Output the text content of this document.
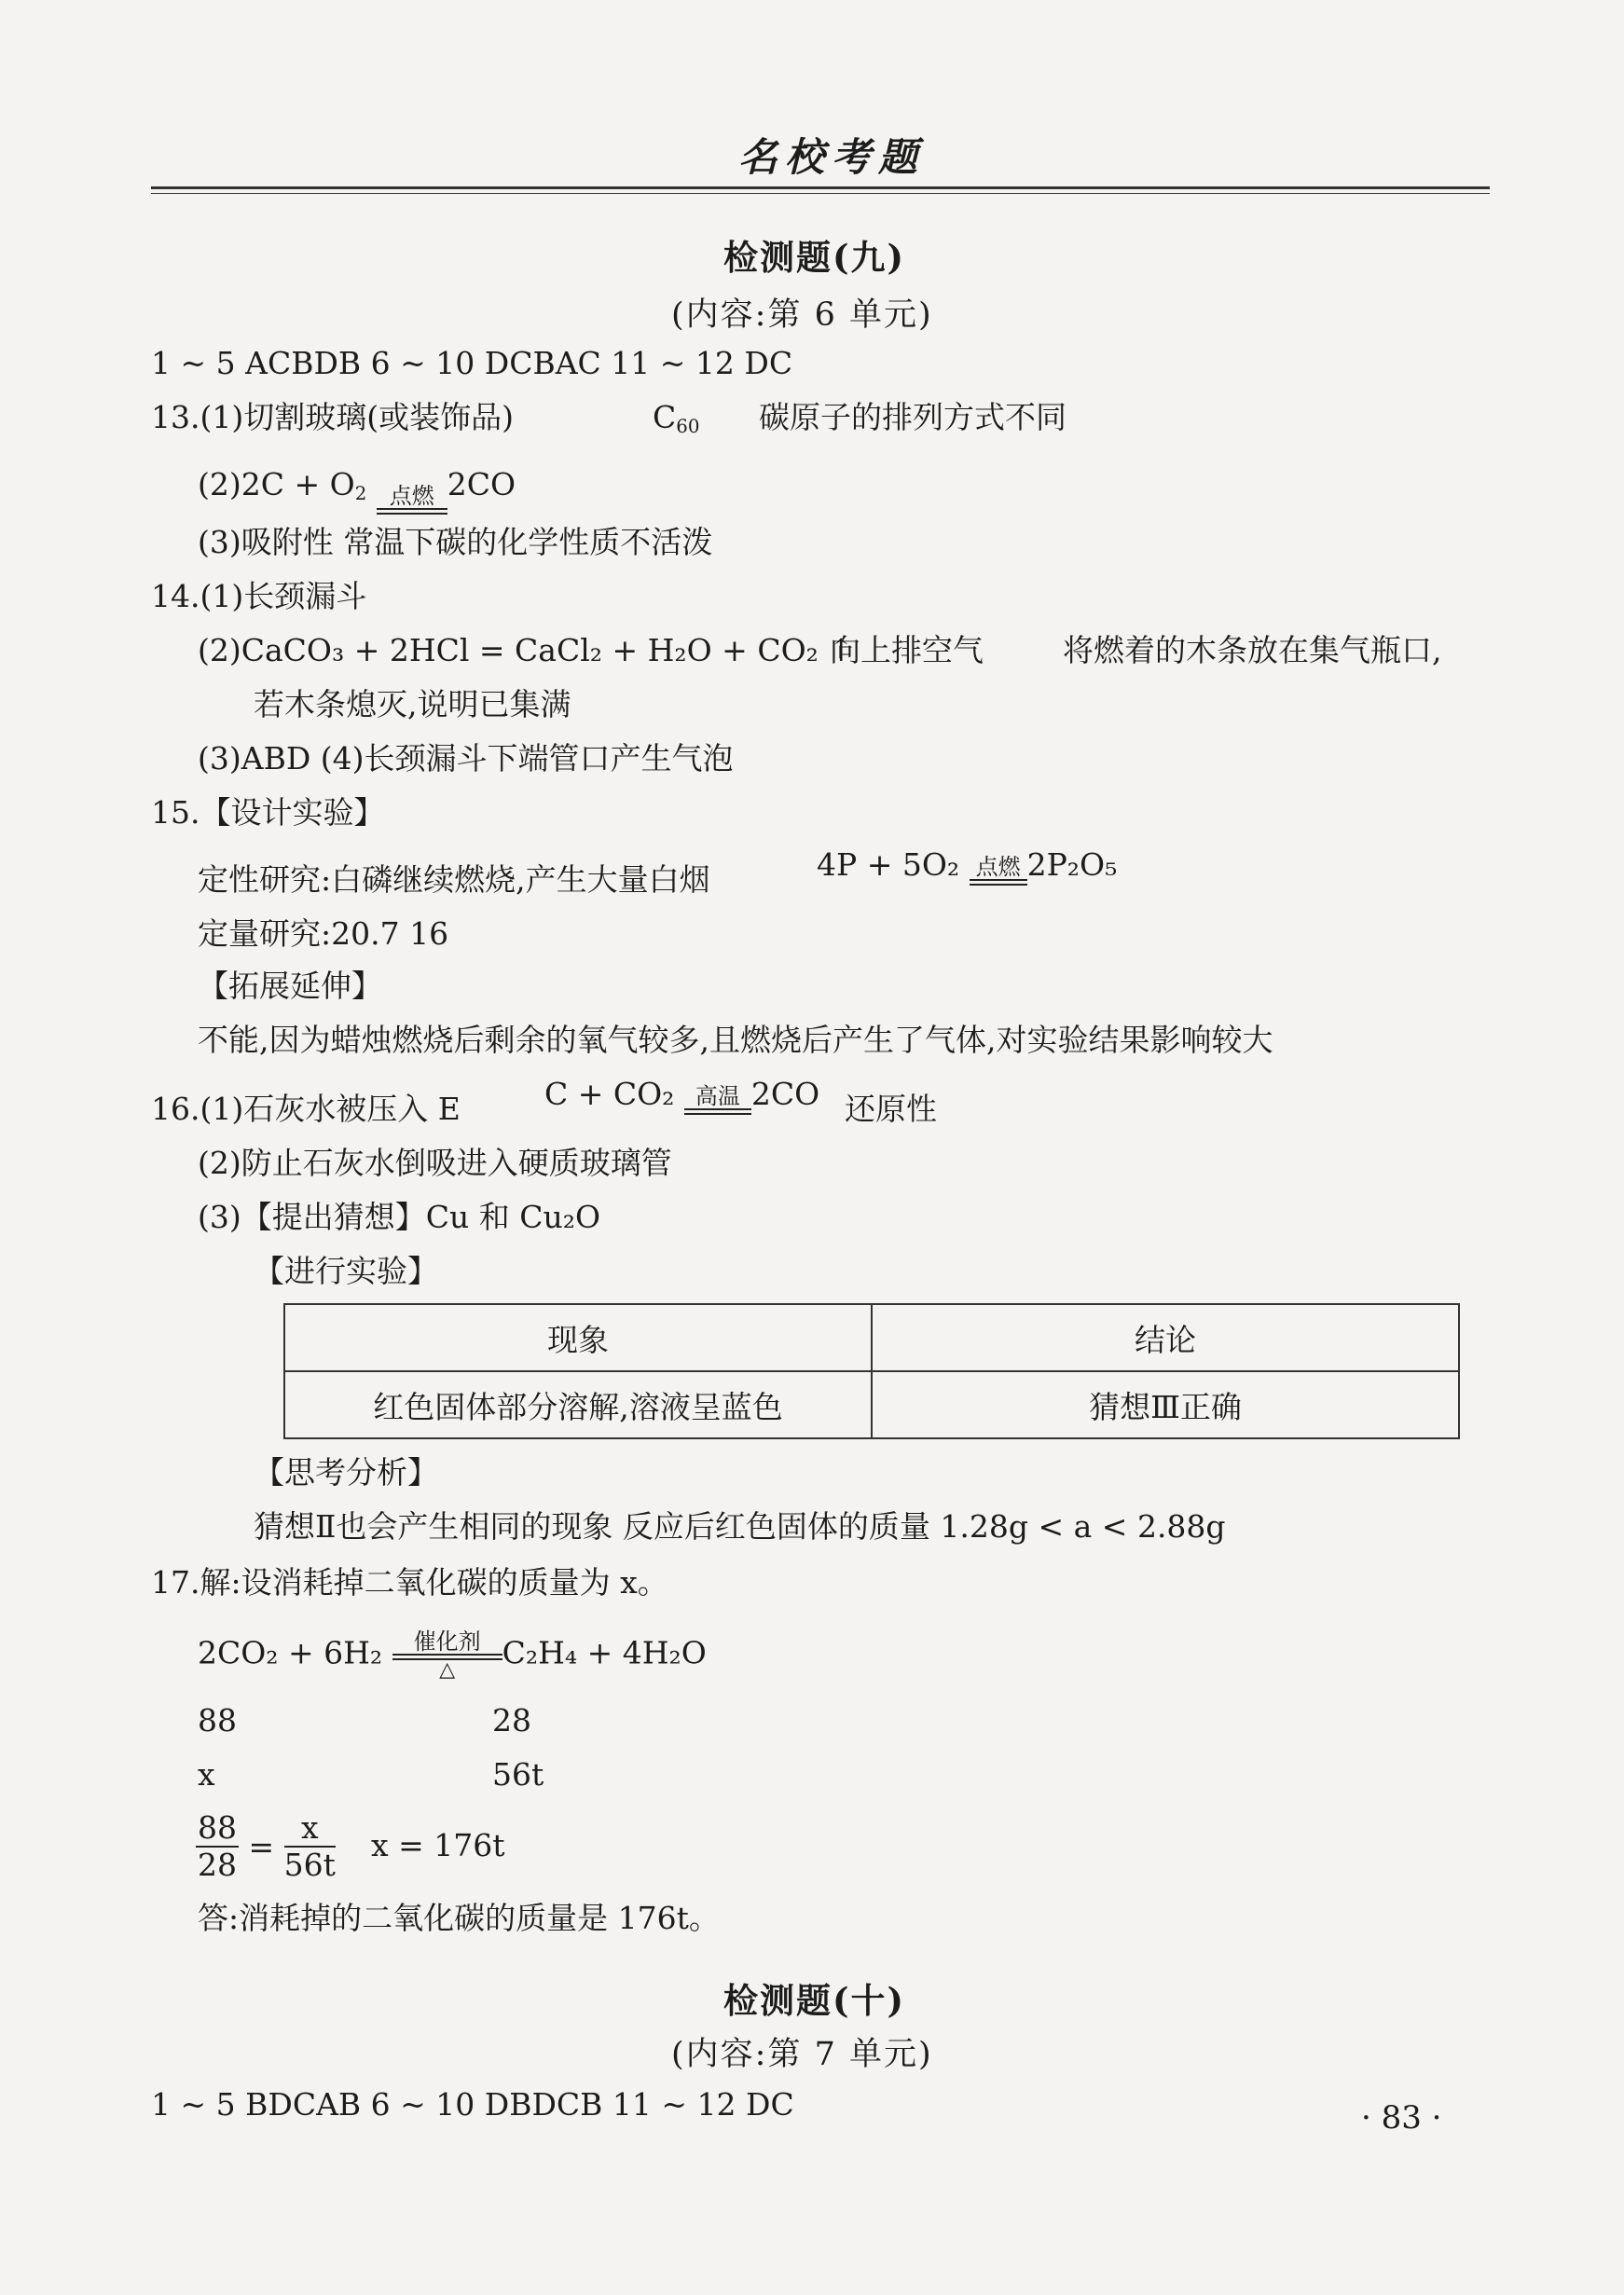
名校考题
检测题(九)
(内容:第 6 单元)
1 ~ 5 ACBDB 6 ~ 10 DCBAC 11 ~ 12 DC
13.(1)切割玻璃(或装饰品)	$C_{60}$ 碳原子的排列方式不同
$(2)2C + O_2$	点燃 2CO
(3)吸附性 常温下碳的化学性质不活泼
14.(1)长颈漏斗
(2)CaCO₃ + 2HCl = CaCl₂ + H₂O + CO₂ ↑
向上排空气	将燃着的木条放在集气瓶口,
若木条熄灭,说明已集满
(3)ABD (4)长颈漏斗下端管口产生气泡
15.【设计实验】
定性研究:白磷继续燃烧,产生大量白烟	4P + 5O₂ 点燃 2P₂O₅
定量研究:20.7 16
【拓展延伸】
不能,因为蜡烛燃烧后剩余的氧气较多,且燃烧后产生了气体,对实验结果影响较大
16.(1)石灰水被压入 E	C + CO₂ 高温 2CO 还原性
(2)防止石灰水倒吸进入硬质玻璃管
(3)【提出猜想】Cu 和 Cu₂O
【进行实验】
现象	结论
红色固体部分溶解,溶液呈蓝色	猜想Ⅲ正确
【思考分析】
猜想Ⅱ也会产生相同的现象 反应后红色固体的质量 1.28g < a < 2.88g
17.解:设消耗掉二氧化碳的质量为 x。
2CO₂ + 6H₂	催化剂
△	C₂H₄ + 4H₂O
88	28
x	56t
$\frac{88}{28} = \frac{x}{56t}$ x = 176t
答:消耗掉的二氧化碳的质量是 176t。
检测题(十)
(内容:第 7 单元)
1 ~ 5 BDCAB 6 ~ 10 DBDCB 11 ~ 12 DC	· 83 ·
